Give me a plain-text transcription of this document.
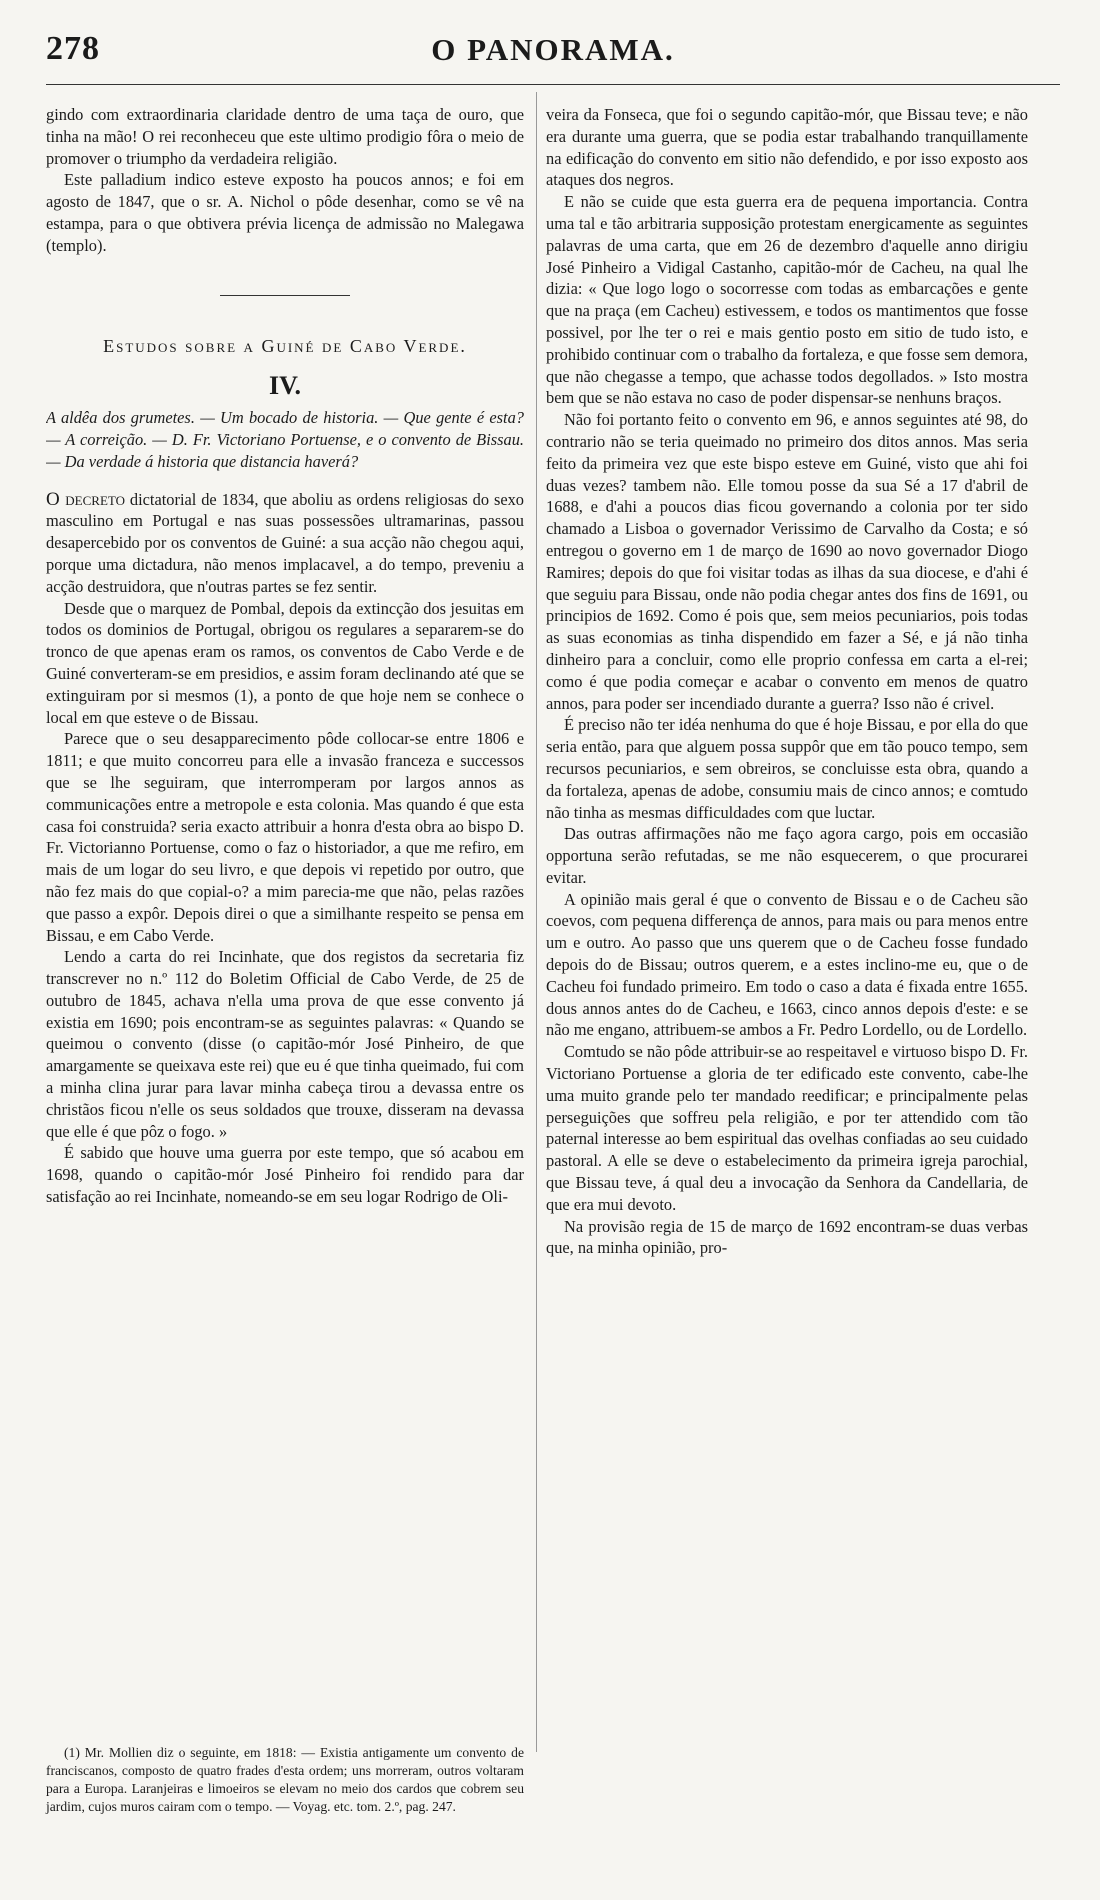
278	O PANORAMA.

gindo com extraordinaria claridade dentro de uma taça de ouro, que tinha na mão! O rei reconheceu que este ultimo prodigio fôra o meio de promover o triumpho da verdadeira religião.

Este palladium indico esteve exposto ha poucos annos; e foi em agosto de 1847, que o sr. A. Nichol o pôde desenhar, como se vê na estampa, para o que obtivera prévia licença de admissão no Malegawa (templo).

Estudos sobre a Guiné de Cabo Verde.
IV.

A aldêa dos grumetes. — Um bocado de historia. — Que gente é esta? — A correição. — D. Fr. Victoriano Portuense, e o convento de Bissau. — Da verdade á historia que distancia haverá?

O decreto dictatorial de 1834, que aboliu as ordens religiosas do sexo masculino em Portugal e nas suas possessões ultramarinas, passou desapercebido por os conventos de Guiné: a sua acção não chegou aqui, porque uma dictadura, não menos implacavel, a do tempo, preveniu a acção destruidora, que n'outras partes se fez sentir.

Desde que o marquez de Pombal, depois da extincção dos jesuitas em todos os dominios de Portugal, obrigou os regulares a separarem-se do tronco de que apenas eram os ramos, os conventos de Cabo Verde e de Guiné converteram-se em presidios, e assim foram declinando até que se extinguiram por si mesmos (1), a ponto de que hoje nem se conhece o local em que esteve o de Bissau.

Parece que o seu desapparecimento pôde collocar-se entre 1806 e 1811; e que muito concorreu para elle a invasão franceza e successos que se lhe seguiram, que interromperam por largos annos as communicações entre a metropole e esta colonia. Mas quando é que esta casa foi construida? seria exacto attribuir a honra d'esta obra ao bispo D. Fr. Victorianno Portuense, como o faz o historiador, a que me refiro, em mais de um logar do seu livro, e que depois vi repetido por outro, que não fez mais do que copial-o? a mim parecia-me que não, pelas razões que passo a expôr. Depois direi o que a similhante respeito se pensa em Bissau, e em Cabo Verde.

Lendo a carta do rei Incinhate, que dos registos da secretaria fiz transcrever no n.º 112 do Boletim Official de Cabo Verde, de 25 de outubro de 1845, achava n'ella uma prova de que esse convento já existia em 1690; pois encontram-se as seguintes palavras: « Quando se queimou o convento (disse (o capitão-mór José Pinheiro, de que amargamente se queixava este rei) que eu é que tinha queimado, fui com a minha clina jurar para lavar minha cabeça tirou a devassa entre os christãos ficou n'elle os seus soldados que trouxe, disseram na devassa que elle é que pôz o fogo. »

É sabido que houve uma guerra por este tempo, que só acabou em 1698, quando o capitão-mór José Pinheiro foi rendido para dar satisfação ao rei Incinhate, nomeando-se em seu logar Rodrigo de Oli-

veira da Fonseca, que foi o segundo capitão-mór, que Bissau teve; e não era durante uma guerra, que se podia estar trabalhando tranquillamente na edificação do convento em sitio não defendido, e por isso exposto aos ataques dos negros.

E não se cuide que esta guerra era de pequena importancia. Contra uma tal e tão arbitraria supposição protestam energicamente as seguintes palavras de uma carta, que em 26 de dezembro d'aquelle anno dirigiu José Pinheiro a Vidigal Castanho, capitão-mór de Cacheu, na qual lhe dizia: « Que logo logo o socorresse com todas as embarcações e gente que na praça (em Cacheu) estivessem, e todos os mantimentos que fosse possivel, por lhe ter o rei e mais gentio posto em sitio de tudo isto, e prohibido continuar com o trabalho da fortaleza, e que fosse sem demora, que não chegasse a tempo, que achasse todos degollados. » Isto mostra bem que se não estava no caso de poder dispensar-se nenhuns braços.

Não foi portanto feito o convento em 96, e annos seguintes até 98, do contrario não se teria queimado no primeiro dos ditos annos. Mas seria feito da primeira vez que este bispo esteve em Guiné, visto que ahi foi duas vezes? tambem não. Elle tomou posse da sua Sé a 17 d'abril de 1688, e d'ahi a poucos dias ficou governando a colonia por ter sido chamado a Lisboa o governador Verissimo de Carvalho da Costa; e só entregou o governo em 1 de março de 1690 ao novo governador Diogo Ramires; depois do que foi visitar todas as ilhas da sua diocese, e d'ahi é que seguiu para Bissau, onde não podia chegar antes dos fins de 1691, ou principios de 1692. Como é pois que, sem meios pecuniarios, pois todas as suas economias as tinha dispendido em fazer a Sé, e já não tinha dinheiro para a concluir, como elle proprio confessa em carta a el-rei; como é que podia começar e acabar o convento em menos de quatro annos, para poder ser incendiado durante a guerra? Isso não é crivel.

É preciso não ter idéa nenhuma do que é hoje Bissau, e por ella do que seria então, para que alguem possa suppôr que em tão pouco tempo, sem recursos pecuniarios, e sem obreiros, se concluisse esta obra, quando a da fortaleza, apenas de adobe, consumiu mais de cinco annos; e comtudo não tinha as mesmas difficuldades com que luctar.

Das outras affirmações não me faço agora cargo, pois em occasião opportuna serão refutadas, se me não esquecerem, o que procurarei evitar.

A opinião mais geral é que o convento de Bissau e o de Cacheu são coevos, com pequena differença de annos, para mais ou para menos entre um e outro. Ao passo que uns querem que o de Cacheu fosse fundado depois do de Bissau; outros querem, e a estes inclino-me eu, que o de Cacheu foi fundado primeiro. Em todo o caso a data é fixada entre 1655. dous annos antes do de Cacheu, e 1663, cinco annos depois d'este: e se não me engano, attribuem-se ambos a Fr. Pedro Lordello, ou de Lordello.

Comtudo se não pôde attribuir-se ao respeitavel e virtuoso bispo D. Fr. Victoriano Portuense a gloria de ter edificado este convento, cabe-lhe uma muito grande pelo ter mandado reedificar; e principalmente pelas perseguições que soffreu pela religião, e por ter attendido com tão paternal interesse ao bem espiritual das ovelhas confiadas ao seu cuidado pastoral. A elle se deve o estabelecimento da primeira igreja parochial, que Bissau teve, á qual deu a invocação da Senhora da Candellaria, de que era mui devoto.

Na provisão regia de 15 de março de 1692 encontram-se duas verbas que, na minha opinião, pro-

(1) Mr. Mollien diz o seguinte, em 1818: — Existia antigamente um convento de franciscanos, composto de quatro frades d'esta ordem; uns morreram, outros voltaram para a Europa. Laranjeiras e limoeiros se elevam no meio dos cardos que cobrem seu jardim, cujos muros cairam com o tempo. — Voyag. etc. tom. 2.º, pag. 247.
